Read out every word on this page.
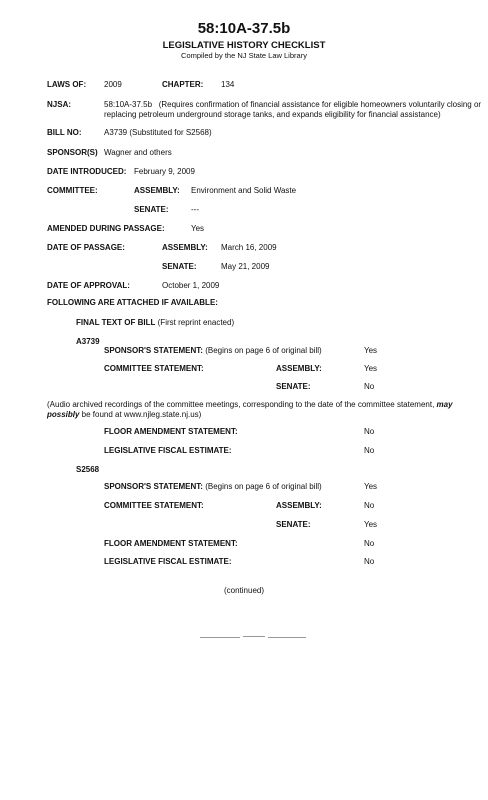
58:10A-37.5b
LEGISLATIVE HISTORY CHECKLIST
Compiled by the NJ State Law Library
LAWS OF: 2009	CHAPTER: 134
NJSA:	58:10A-37.5b (Requires confirmation of financial assistance for eligible homeowners voluntarily closing or replacing petroleum underground storage tanks, and expands eligibility for financial assistance)
BILL NO:	A3739 (Substituted for S2568)
SPONSOR(S) Wagner and others
DATE INTRODUCED: February 9, 2009
COMMITTEE:	ASSEMBLY: Environment and Solid Waste
SENATE:	---
AMENDED DURING PASSAGE:	Yes
DATE OF PASSAGE:	ASSEMBLY: March 16, 2009
SENATE:	May 21, 2009
DATE OF APPROVAL:	October 1, 2009
FOLLOWING ARE ATTACHED IF AVAILABLE:
FINAL TEXT OF BILL (First reprint enacted)
A3739
SPONSOR'S STATEMENT: (Begins on page 6 of original bill)	Yes
COMMITTEE STATEMENT:	ASSEMBLY:	Yes
SENATE:	No
(Audio archived recordings of the committee meetings, corresponding to the date of the committee statement, may possibly be found at www.njleg.state.nj.us)
FLOOR AMENDMENT STATEMENT:	No
LEGISLATIVE FISCAL ESTIMATE:	No
S2568
SPONSOR'S STATEMENT: (Begins on page 6 of original bill)	Yes
COMMITTEE STATEMENT:	ASSEMBLY:	No
SENATE:	Yes
FLOOR AMENDMENT STATEMENT:	No
LEGISLATIVE FISCAL ESTIMATE:	No
(continued)
